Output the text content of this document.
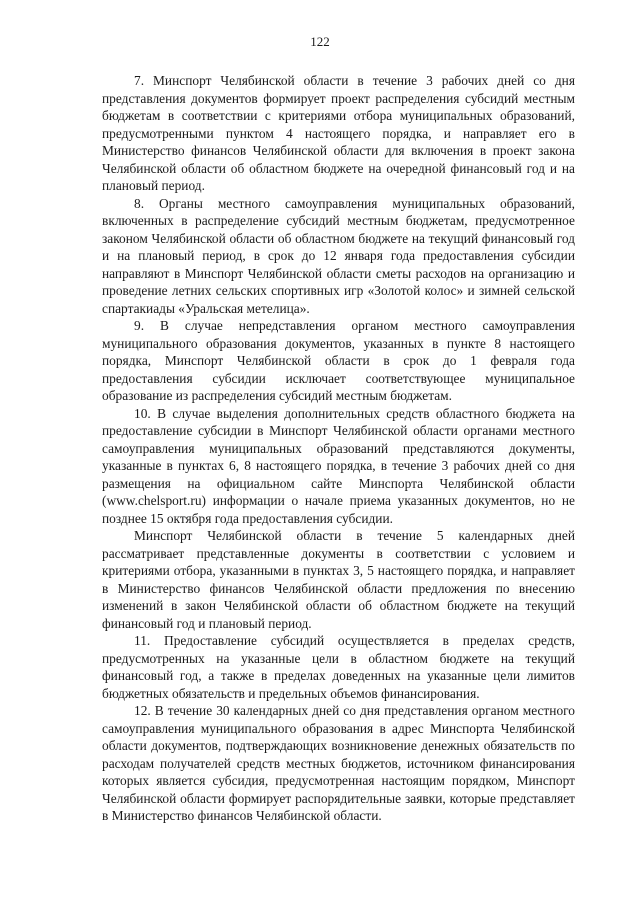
122

7. Минспорт Челябинской области в течение 3 рабочих дней со дня представления документов формирует проект распределения субсидий местным бюджетам в соответствии с критериями отбора муниципальных образований, предусмотренными пунктом 4 настоящего порядка, и направляет его в Министерство финансов Челябинской области для включения в проект закона Челябинской области об областном бюджете на очередной финансовый год и на плановый период.

8. Органы местного самоуправления муниципальных образований, включенных в распределение субсидий местным бюджетам, предусмотренное законом Челябинской области об областном бюджете на текущий финансовый год и на плановый период, в срок до 12 января года предоставления субсидии направляют в Минспорт Челябинской области сметы расходов на организацию и проведение летних сельских спортивных игр «Золотой колос» и зимней сельской спартакиады «Уральская метелица».

9. В случае непредставления органом местного самоуправления муниципального образования документов, указанных в пункте 8 настоящего порядка, Минспорт Челябинской области в срок до 1 февраля года предоставления субсидии исключает соответствующее муниципальное образование из распределения субсидий местным бюджетам.

10. В случае выделения дополнительных средств областного бюджета на предоставление субсидии в Минспорт Челябинской области органами местного самоуправления муниципальных образований представляются документы, указанные в пунктах 6, 8 настоящего порядка, в течение 3 рабочих дней со дня размещения на официальном сайте Минспорта Челябинской области (www.chelsport.ru) информации о начале приема указанных документов, но не позднее 15 октября года предоставления субсидии.

Минспорт Челябинской области в течение 5 календарных дней рассматривает представленные документы в соответствии с условием и критериями отбора, указанными в пунктах 3, 5 настоящего порядка, и направляет в Министерство финансов Челябинской области предложения по внесению изменений в закон Челябинской области об областном бюджете на текущий финансовый год и плановый период.

11. Предоставление субсидий осуществляется в пределах средств, предусмотренных на указанные цели в областном бюджете на текущий финансовый год, а также в пределах доведенных на указанные цели лимитов бюджетных обязательств и предельных объемов финансирования.

12. В течение 30 календарных дней со дня представления органом местного самоуправления муниципального образования в адрес Минспорта Челябинской области документов, подтверждающих возникновение денежных обязательств по расходам получателей средств местных бюджетов, источником финансирования которых является субсидия, предусмотренная настоящим порядком, Минспорт Челябинской области формирует распорядительные заявки, которые представляет в Министерство финансов Челябинской области.
